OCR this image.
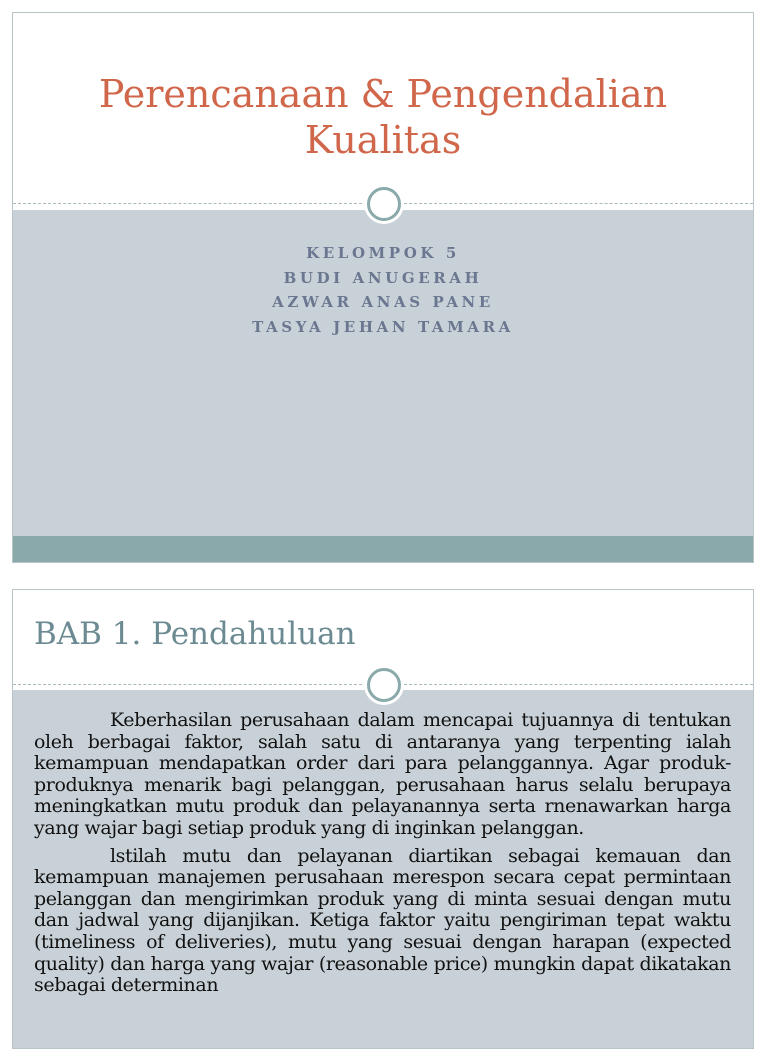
Perencanaan & Pengendalian
Kualitas
KELOMPOK 5
BUDI ANUGERAH
AZWAR ANAS PANE
TASYA JEHAN TAMARA
BAB 1. Pendahuluan

Keberhasilan perusahaan dalam mencapai tujuannya di tentukan oleh berbagai faktor, salah satu di antaranya yang terpenting ialah kemampuan mendapatkan order dari para pelanggannya. Agar produk-produknya menarik bagi pelanggan, perusahaan harus selalu berupaya meningkatkan mutu produk dan pelayanannya serta rnenawarkan harga yang wajar bagi setiap produk yang di inginkan pelanggan.

lstilah mutu dan pelayanan diartikan sebagai kemauan dan kemampuan manajemen perusahaan merespon secara cepat permintaan pelanggan dan mengirimkan produk yang di minta sesuai dengan mutu dan jadwal yang dijanjikan. Ketiga faktor yaitu pengiriman tepat waktu (timeliness of deliveries), mutu yang sesuai dengan harapan (expected quality) dan harga yang wajar (reasonable price) mungkin dapat dikatakan sebagai determinan
